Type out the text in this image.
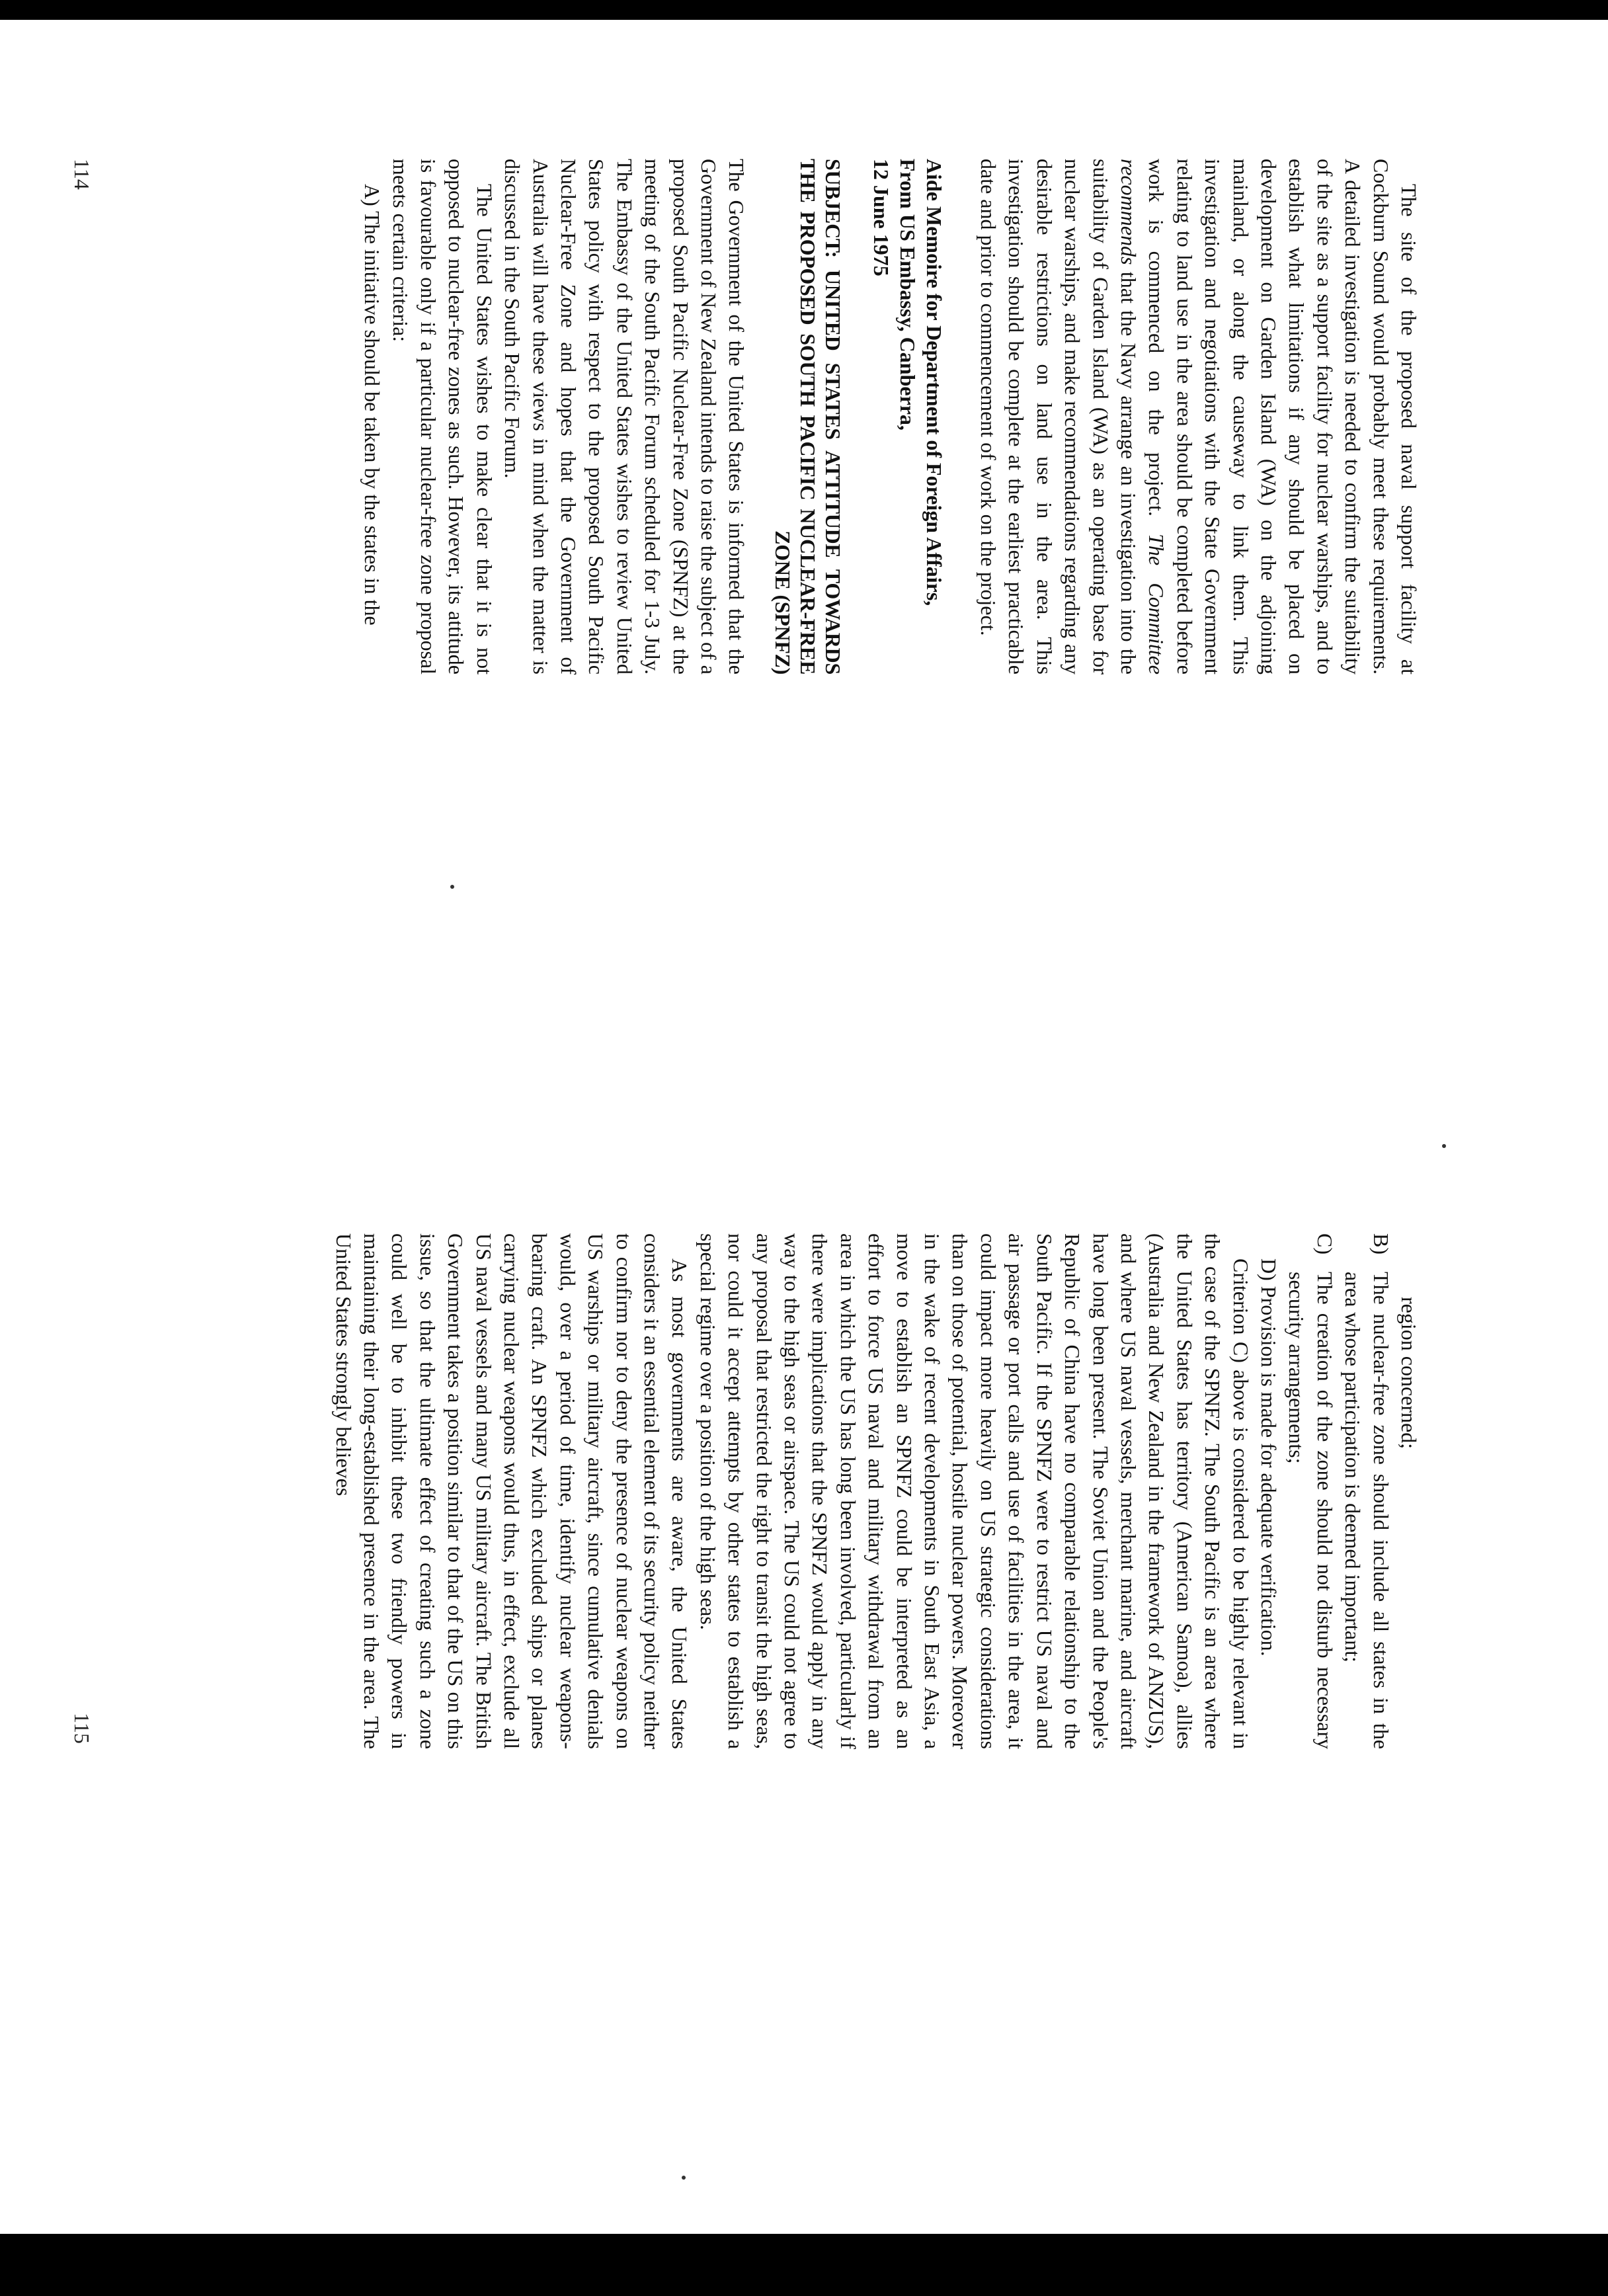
The site of the proposed naval support facility at Cockburn Sound would probably meet these requirements. A detailed investigation is needed to confirm the suitability of the site as a support facility for nuclear warships, and to establish what limitations if any should be placed on development on Garden Island (WA) on the adjoining mainland, or along the causeway to link them. This investigation and negotiations with the State Government relating to land use in the area should be completed before work is commenced on the project. The Committee recommends that the Navy arrange an investigation into the suitability of Garden Island (WA) as an operating base for nuclear warships, and make recommendations regarding any desirable restrictions on land use in the area. This investigation should be complete at the earliest practicable date and prior to commencement of work on the project.

Aide Memoire for Department of Foreign Affairs,
From US Embassy, Canberra,
12 June 1975
SUBJECT: UNITED STATES ATTITUDE TOWARDS THE PROPOSED SOUTH PACIFIC NUCLEAR-FREE ZONE (SPNFZ)

The Government of the United States is informed that the Government of New Zealand intends to raise the subject of a proposed South Pacific Nuclear-Free Zone (SPNFZ) at the meeting of the South Pacific Forum scheduled for 1-3 July. The Embassy of the United States wishes to review United States policy with respect to the proposed South Pacific Nuclear-Free Zone and hopes that the Government of Australia will have these views in mind when the matter is discussed in the South Pacific Forum.

The United States wishes to make clear that it is not opposed to nuclear-free zones as such. However, its attitude is favourable only if a particular nuclear-free zone proposal meets certain criteria:

A) The initiative should be taken by the states in the

114

region concerned;

B)
The nuclear-free zone should include all states in the area whose participation is deemed important;
C)
The creation of the zone should not disturb necessary security arrangements;

D) Provision is made for adequate verification.

Criterion C) above is considered to be highly relevant in the case of the SPNFZ. The South Pacific is an area where the United States has territory (American Samoa), allies (Australia and New Zealand in the framework of ANZUS), and where US naval vessels, merchant marine, and aircraft have long been present. The Soviet Union and the People's Republic of China have no comparable relationship to the South Pacific. If the SPNFZ were to restrict US naval and air passage or port calls and use of facilities in the area, it could impact more heavily on US strategic considerations than on those of potential, hostile nuclear powers. Moreover in the wake of recent developments in South East Asia, a move to establish an SPNFZ could be interpreted as an effort to force US naval and military withdrawal from an area in which the US has long been involved, particularly if there were implications that the SPNFZ would apply in any way to the high seas or airspace. The US could not agree to any proposal that restricted the right to transit the high seas, nor could it accept attempts by other states to establish a special regime over a position of the high seas.

As most governments are aware, the United States considers it an essential element of its security policy neither to confirm nor to deny the presence of nuclear weapons on US warships or military aircraft, since cumulative denials would, over a period of time, identify nuclear weapons-bearing craft. An SPNFZ which excluded ships or planes carrying nuclear weapons would thus, in effect, exclude all US naval vessels and many US military aircraft. The British Government takes a position similar to that of the US on this issue, so that the ultimate effect of creating such a zone could well be to inhibit these two friendly powers in maintaining their long-established presence in the area. The United States strongly believes

115
